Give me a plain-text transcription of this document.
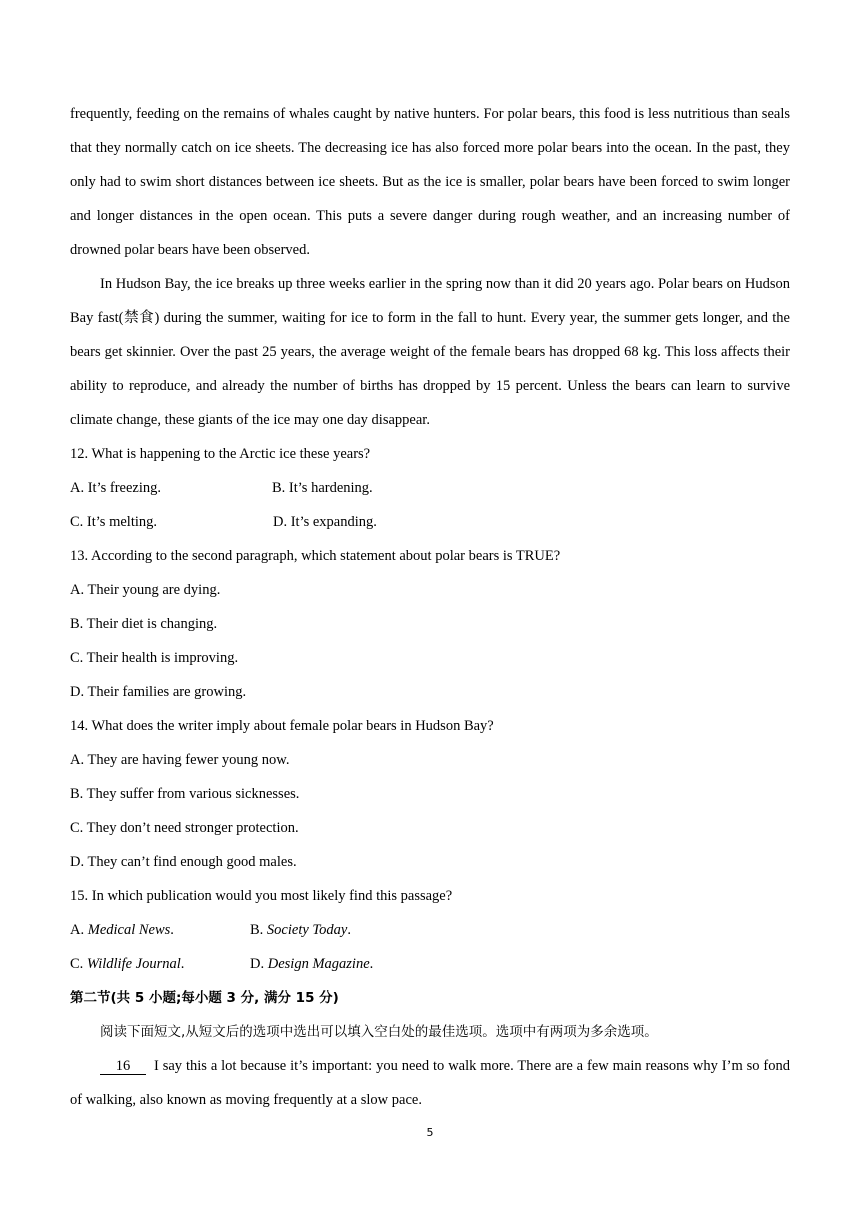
frequently, feeding on the remains of whales caught by native hunters. For polar bears, this food is less nutritious than seals that they normally catch on ice sheets. The decreasing ice has also forced more polar bears into the ocean. In the past, they only had to swim short distances between ice sheets. But as the ice is smaller, polar bears have been forced to swim longer and longer distances in the open ocean. This puts a severe danger during rough weather, and an increasing number of drowned polar bears have been observed.

In Hudson Bay, the ice breaks up three weeks earlier in the spring now than it did 20 years ago. Polar bears on Hudson Bay fast(禁食) during the summer, waiting for ice to form in the fall to hunt. Every year, the summer gets longer, and the bears get skinnier. Over the past 25 years, the average weight of the female bears has dropped 68 kg. This loss affects their ability to reproduce, and already the number of births has dropped by 15 percent. Unless the bears can learn to survive climate change, these giants of the ice may one day disappear.

12. What is happening to the Arctic ice these years?

A. It’s freezing.	B. It’s hardening.
C. It’s melting.	D. It’s expanding.

13. According to the second paragraph, which statement about polar bears is TRUE?

A. Their young are dying.

B. Their diet is changing.

C. Their health is improving.

D. Their families are growing.

14. What does the writer imply about female polar bears in Hudson Bay?

A. They are having fewer young now.

B. They suffer from various sicknesses.

C. They don’t need stronger protection.

D. They can’t find enough good males.

15. In which publication would you most likely find this passage?

A. Medical News.	B. Society Today.
C. Wildlife Journal.	D. Design Magazine.

第二节(共 5 小题;每小题 3 分, 满分 15 分)

阅读下面短文,从短文后的选项中选出可以填入空白处的最佳选项。选项中有两项为多余选项。

16 I say this a lot because it’s important: you need to walk more. There are a few main reasons why I’m so fond of walking, also known as moving frequently at a slow pace.

5
